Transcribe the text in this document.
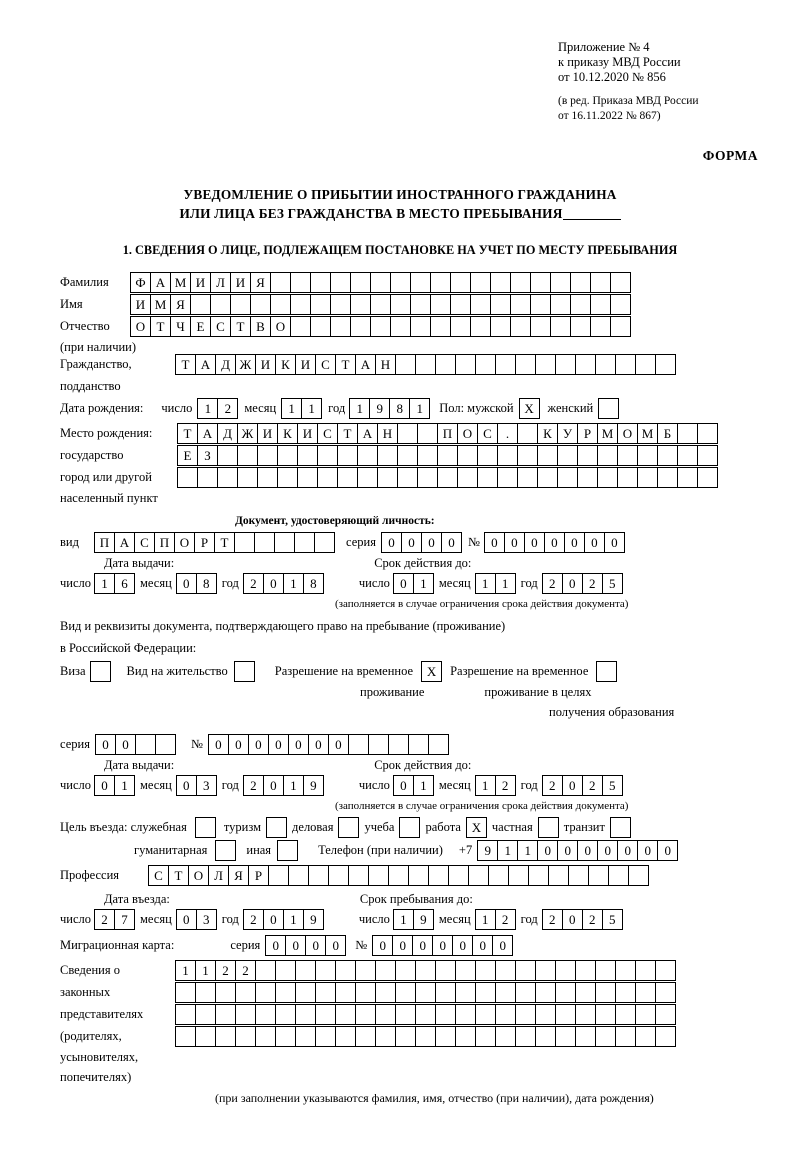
Приложение № 4
к приказу МВД России
от 10.12.2020 № 856
(в ред. Приказа МВД России
от 16.11.2022 № 867)
ФОРМА
УВЕДОМЛЕНИЕ О ПРИБЫТИИ ИНОСТРАННОГО ГРАЖДАНИНА
ИЛИ ЛИЦА БЕЗ ГРАЖДАНСТВА В МЕСТО ПРЕБЫВАНИЯ
1. СВЕДЕНИЯ О ЛИЦЕ, ПОДЛЕЖАЩЕМ ПОСТАНОВКЕ НА УЧЕТ ПО МЕСТУ ПРЕБЫВАНИЯ
Фамилия	Ф А М И Л И Я
Имя	И М Я
Отчество	О Т Ч Е С Т В О
(при наличии)
Гражданство,	Т А Д Ж И К И С Т А Н
подданство
Дата рождения: число 1	2	месяц 1	1	год 1	9	8	1	Пол: мужской X	женский
Место рождения:	Т А Д Ж И К И С Т А Н	П О С	.	К У Р М О М Б
государство	Е З
город или другой
населенный пункт
Документ, удостоверяющий личность:
вид	П А С П О Р Т	серия 0	0	0	0	№ 0	0	0	0	0	0	0
Дата выдачи:	Срок действия до:
число 1	6 месяц 0	8 год 2	0	1	8	число 0	1 месяц 1	1 год 2	0	2	5
(заполняется в случае ограничения срока действия документа)
Вид и реквизиты документа, подтверждающего право на пребывание (проживание)
в Российской Федерации:
Виза	Вид на жительство	Разрешение на временное	X	Разрешение на временное
проживание	проживание в целях
получения образования
серия 0	0	№ 0	0	0	0	0	0	0
Дата выдачи:	Срок действия до:
число 0	1 месяц 0	3 год 2	0	1	9	число 0	1 месяц 1	2 год 2	0	2	5
(заполняется в случае ограничения срока действия документа)
Цель въезда: служебная	туризм деловая учеба работа X частная транзит
гуманитарная	иная	Телефон (при наличии) +7 9	1	1	0	0	0	0	0	0	0
Профессия	С Т О Л Я Р
Дата въезда:	Срок пребывания до:
число 2	7 месяц 0	3 год 2	0	1	9	число 1	9 месяц 1	2 год 2	0	2	5
Миграционная карта:	серия 0	0	0	0	№ 0	0	0	0	0	0	0
Сведения о	1	1	2	2
законных
представителях
(родителях,
усыновителях,
попечителях)
(при заполнении указываются фамилия, имя, отчество (при наличии), дата рождения)
